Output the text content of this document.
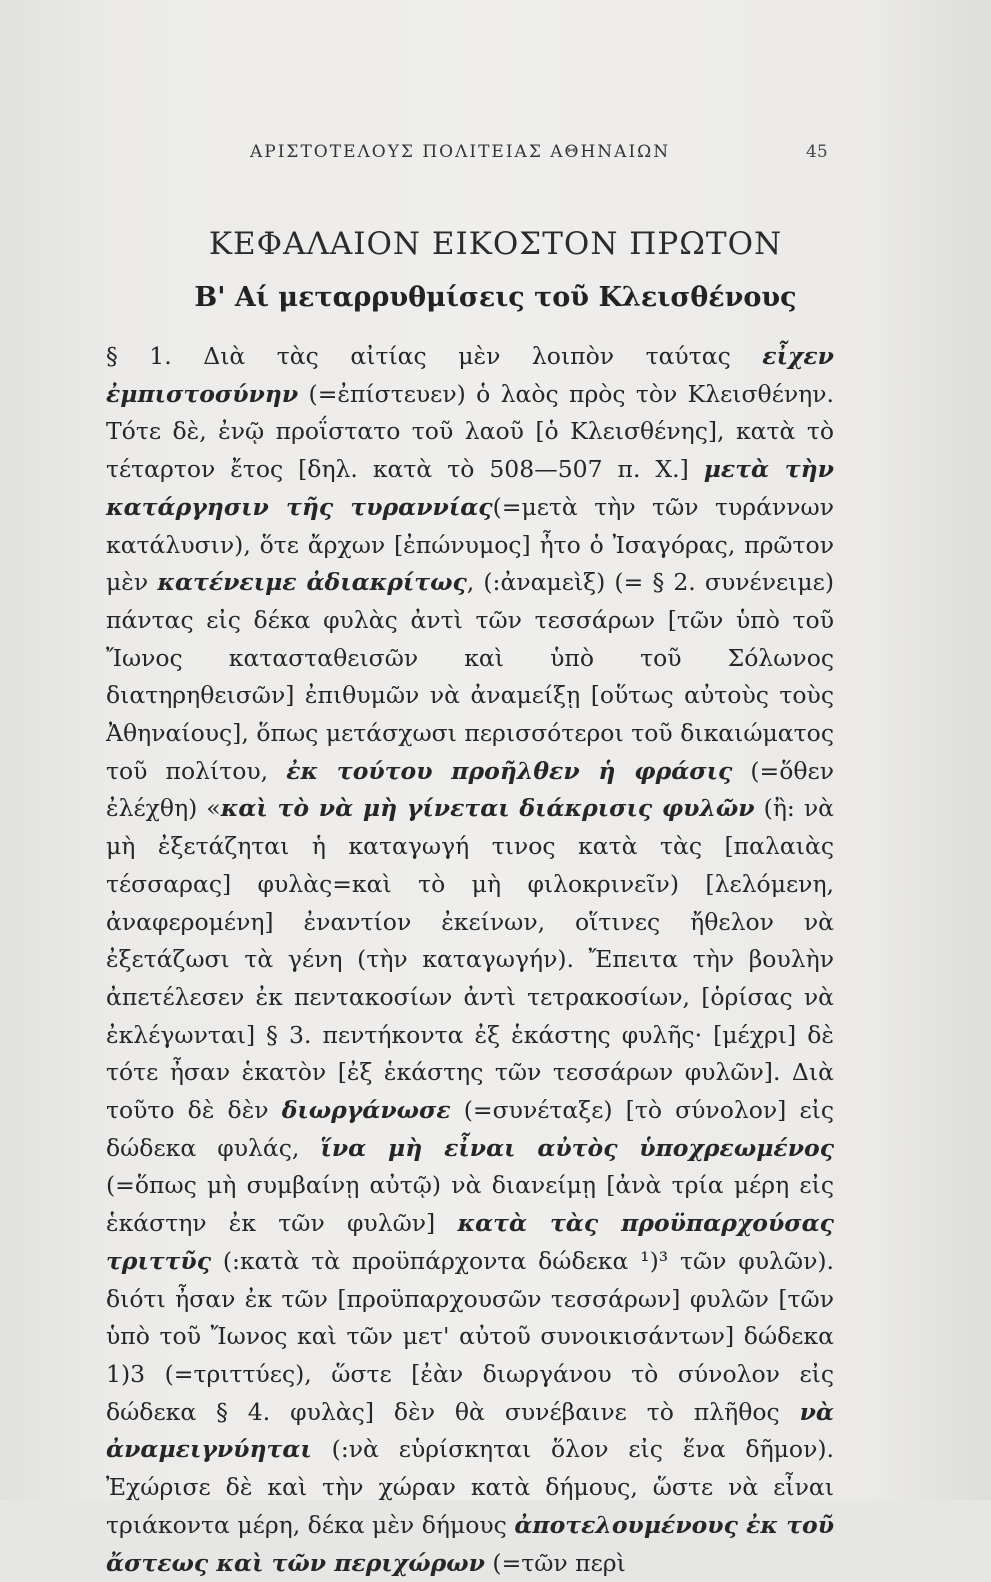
ΑΡΙΣΤΟΤΕΛΟΥΣ ΠΟΛΙΤΕΙΑΣ ΑΘΗΝΑΙΩΝ	45
ΚΕΦΑΛΑΙΟΝ ΕΙΚΟΣΤΟΝ ΠΡΩΤΟΝ
Β' Αί μεταρρυθμίσεις τοῦ Κλεισθένους

§ 1. Διὰ τὰς αἰτίας μὲν λοιπὸν ταύτας εἶχεν ἐμπιστοσύνην (=ἐπίστευεν) ὁ λαὸς πρὸς τὸν Κλεισθένην. Τότε δὲ, ἐνῷ προΐστατο τοῦ λαοῦ [ὁ Κλεισθένης], κατὰ τὸ τέταρτον ἔτος [δηλ. κατὰ τὸ 508—507 π. Χ.] μετὰ τὴν κατάργησιν τῆς τυραννίας(=μετὰ τὴν τῶν τυράννων κατάλυσιν), ὅτε ἄρχων [ἐπώνυμος] ἦτο ὁ Ἰσαγόρας, πρῶτον μὲν κατένειμε ἀδιακρίτως, (:ἀναμεὶξ) (= § 2. συνένειμε) πάντας εἰς δέκα φυλὰς ἀντὶ τῶν τεσσάρων [τῶν ὑπὸ τοῦ Ἴωνος κατασταθεισῶν καὶ ὑπὸ τοῦ Σόλωνος διατηρηθεισῶν] ἐπιθυμῶν νὰ ἀναμείξῃ [οὕτως αὐτοὺς τοὺς Ἀθηναίους], ὅπως μετάσχωσι περισσότεροι τοῦ δικαιώματος τοῦ πολίτου, ἐκ τούτου προῆλθεν ἡ φράσις (=ὅθεν ἐλέχθη) «καὶ τὸ νὰ μὴ γίνεται διάκρισις φυλῶν (ἢ: νὰ μὴ ἐξετάζηται ἡ καταγωγή τινος κατὰ τὰς [παλαιὰς τέσσαρας] φυλὰς=καὶ τὸ μὴ φιλοκρινεῖν) [λελόμενη, ἀναφερομένη] ἐναντίον ἐκείνων, οἵτινες ἤθελον νὰ ἐξετάζωσι τὰ γένη (τὴν καταγωγήν). Ἔπειτα τὴν βουλὴν ἀπετέλεσεν ἐκ πεντακοσίων ἀντὶ τετρακοσίων, [ὁρίσας νὰ ἐκλέγωνται] § 3. πεντήκοντα ἐξ ἑκάστης φυλῆς· [μέχρι] δὲ τότε ἦσαν ἑκατὸν [ἐξ ἑκάστης τῶν τεσσάρων φυλῶν]. Διὰ τοῦτο δὲ δὲν διωργάνωσε (=συνέταξε) [τὸ σύνολον] εἰς δώδεκα φυλάς, ἵνα μὴ εἶναι αὐτὸς ὑποχρεωμένος (=ὅπως μὴ συμβαίνῃ αὐτῷ) νὰ διανείμῃ [ἀνὰ τρία μέρη εἰς ἑκάστην ἐκ τῶν φυλῶν] κατὰ τὰς προϋπαρχούσας τριττῦς (:κατὰ τὰ προϋπάρχοντα δώδεκα ¹)³ τῶν φυλῶν). διότι ἦσαν ἐκ τῶν [προϋπαρχουσῶν τεσσάρων] φυλῶν [τῶν ὑπὸ τοῦ Ἴωνος καὶ τῶν μετ' αὐτοῦ συνοικισάντων] δώδεκα 1)3 (=τριττύες), ὥστε [ἐὰν διωργάνου τὸ σύνολον εἰς δώδεκα § 4. φυλὰς] δὲν θὰ συνέβαινε τὸ πλῆθος νὰ ἀναμειγνύηται (:νὰ εὑρίσκηται ὅλον εἰς ἕνα δῆμον). Ἐχώρισε δὲ καὶ τὴν χώραν κατὰ δήμους, ὥστε νὰ εἶναι τριάκοντα μέρη, δέκα μὲν δήμους ἀποτελουμένους ἐκ τοῦ ἄστεως καὶ τῶν περιχώρων (=τῶν περὶ
